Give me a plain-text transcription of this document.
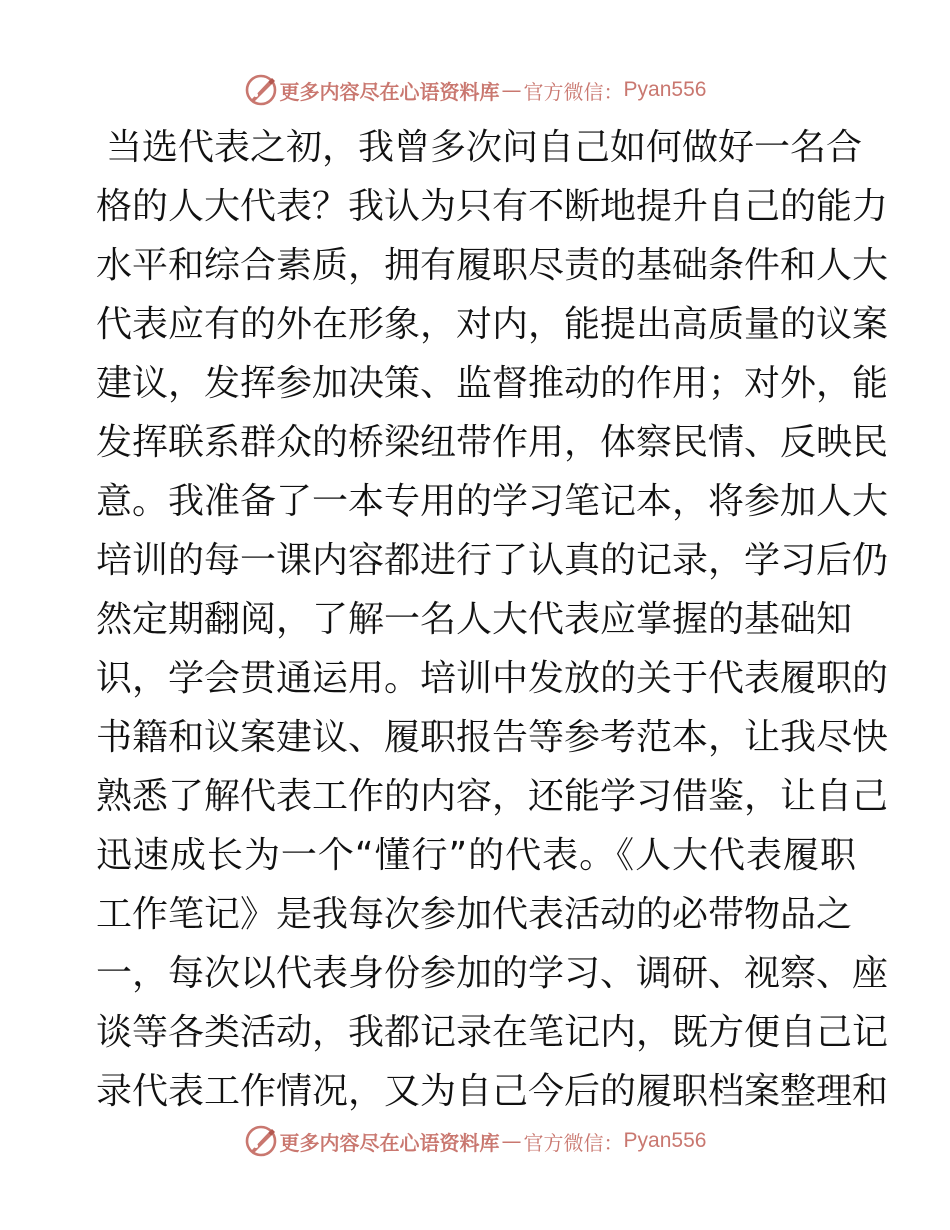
更多内容尽在心语资料库 — 官方微信： Pyan556
当选代表之初，我曾多次问自己如何做好一名合
格的人大代表？我认为只有不断地提升自己的能力
水平和综合素质，拥有履职尽责的基础条件和人大
代表应有的外在形象，对内，能提出高质量的议案
建议，发挥参加决策、监督推动的作用；对外，能
发挥联系群众的桥梁纽带作用，体察民情、反映民
意。我准备了一本专用的学习笔记本，将参加人大
培训的每一课内容都进行了认真的记录，学习后仍
然定期翻阅，了解一名人大代表应掌握的基础知
识，学会贯通运用。培训中发放的关于代表履职的
书籍和议案建议、履职报告等参考范本，让我尽快
熟悉了解代表工作的内容，还能学习借鉴，让自己
迅速成长为一个“懂行”的代表。《人大代表履职
工作笔记》是我每次参加代表活动的必带物品之
一，每次以代表身份参加的学习、调研、视察、座
谈等各类活动，我都记录在笔记内，既方便自己记
录代表工作情况，又为自己今后的履职档案整理和
更多内容尽在心语资料库 — 官方微信： Pyan556
